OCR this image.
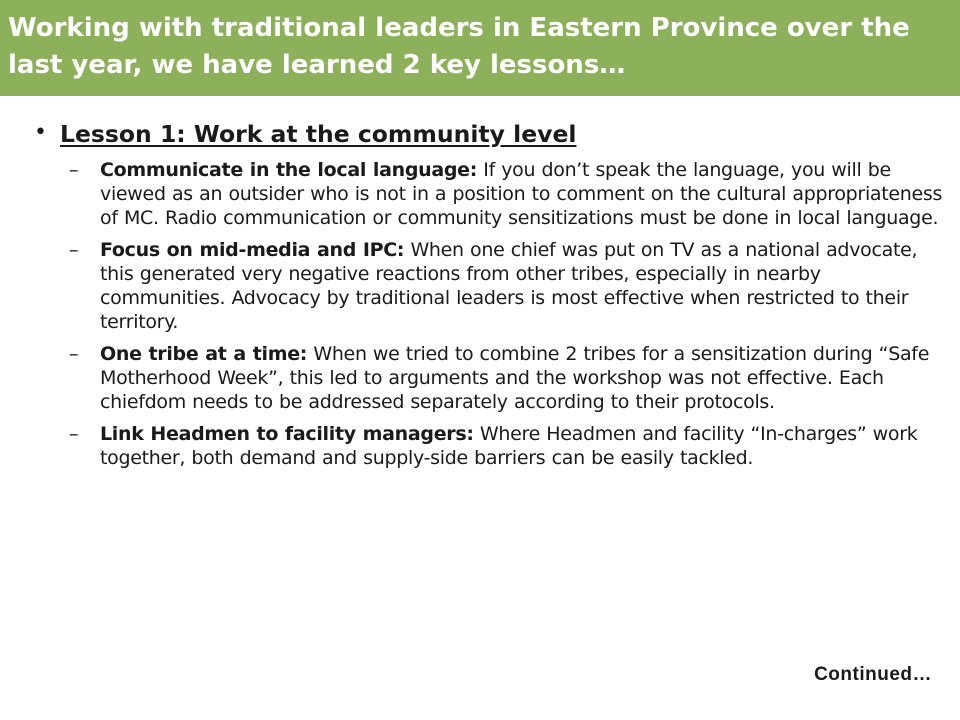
Working with traditional leaders in Eastern Province over the last year, we have learned 2 key lessons…

• Lesson 1: Work at the community level

– Communicate in the local language: If you don’t speak the language, you will be viewed as an outsider who is not in a position to comment on the cultural appropriateness of MC. Radio communication or community sensitizations must be done in local language.
– Focus on mid-media and IPC: When one chief was put on TV as a national advocate, this generated very negative reactions from other tribes, especially in nearby communities. Advocacy by traditional leaders is most effective when restricted to their territory.
– One tribe at a time: When we tried to combine 2 tribes for a sensitization during “Safe Motherhood Week”, this led to arguments and the workshop was not effective. Each chiefdom needs to be addressed separately according to their protocols.
– Link Headmen to facility managers: Where Headmen and facility “In-charges” work together, both demand and supply-side barriers can be easily tackled.
Continued…
